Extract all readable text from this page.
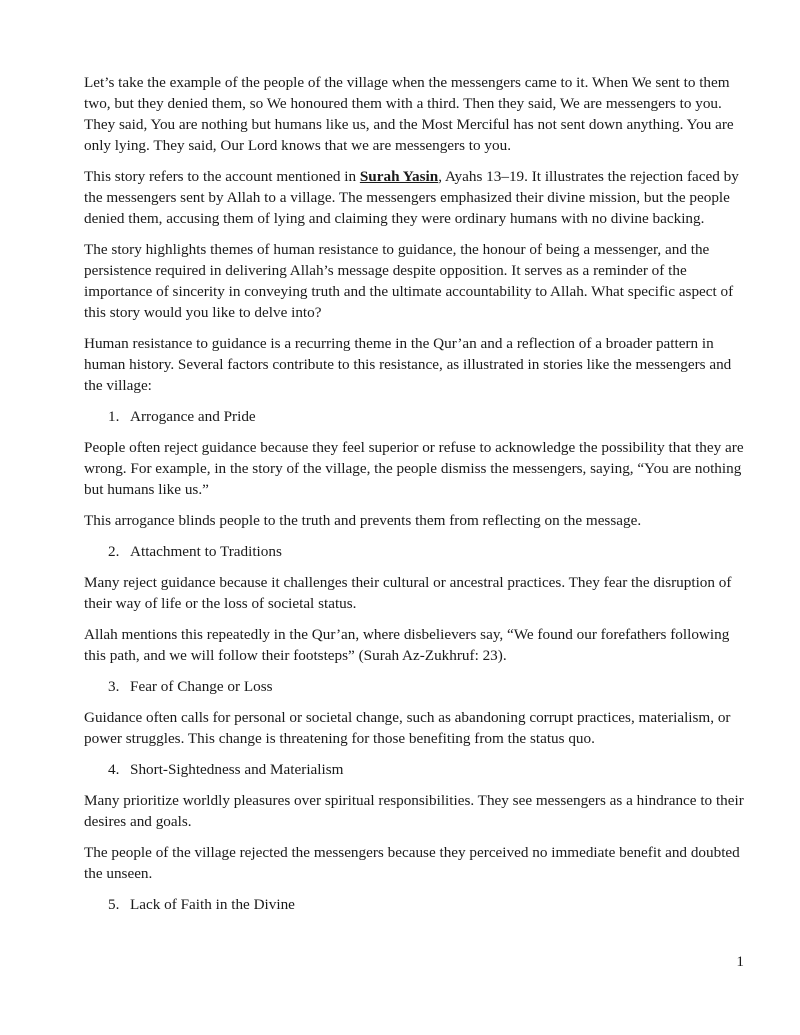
Let’s take the example of the people of the village when the messengers came to it. When We sent to them two, but they denied them, so We honoured them with a third. Then they said, We are messengers to you. They said, You are nothing but humans like us, and the Most Merciful has not sent down anything. You are only lying. They said, Our Lord knows that we are messengers to you.

This story refers to the account mentioned in Surah Yasin, Ayahs 13–19. It illustrates the rejection faced by the messengers sent by Allah to a village. The messengers emphasized their divine mission, but the people denied them, accusing them of lying and claiming they were ordinary humans with no divine backing.

The story highlights themes of human resistance to guidance, the honour of being a messenger, and the persistence required in delivering Allah’s message despite opposition. It serves as a reminder of the importance of sincerity in conveying truth and the ultimate accountability to Allah. What specific aspect of this story would you like to delve into?

Human resistance to guidance is a recurring theme in the Qur’an and a reflection of a broader pattern in human history. Several factors contribute to this resistance, as illustrated in stories like the messengers and the village:

1. Arrogance and Pride

People often reject guidance because they feel superior or refuse to acknowledge the possibility that they are wrong. For example, in the story of the village, the people dismiss the messengers, saying, “You are nothing but humans like us.”

This arrogance blinds people to the truth and prevents them from reflecting on the message.

2. Attachment to Traditions

Many reject guidance because it challenges their cultural or ancestral practices. They fear the disruption of their way of life or the loss of societal status.

Allah mentions this repeatedly in the Qur’an, where disbelievers say, “We found our forefathers following this path, and we will follow their footsteps” (Surah Az-Zukhruf: 23).

3. Fear of Change or Loss

Guidance often calls for personal or societal change, such as abandoning corrupt practices, materialism, or power struggles. This change is threatening for those benefiting from the status quo.

4. Short-Sightedness and Materialism

Many prioritize worldly pleasures over spiritual responsibilities. They see messengers as a hindrance to their desires and goals.

The people of the village rejected the messengers because they perceived no immediate benefit and doubted the unseen.

5. Lack of Faith in the Divine
1
